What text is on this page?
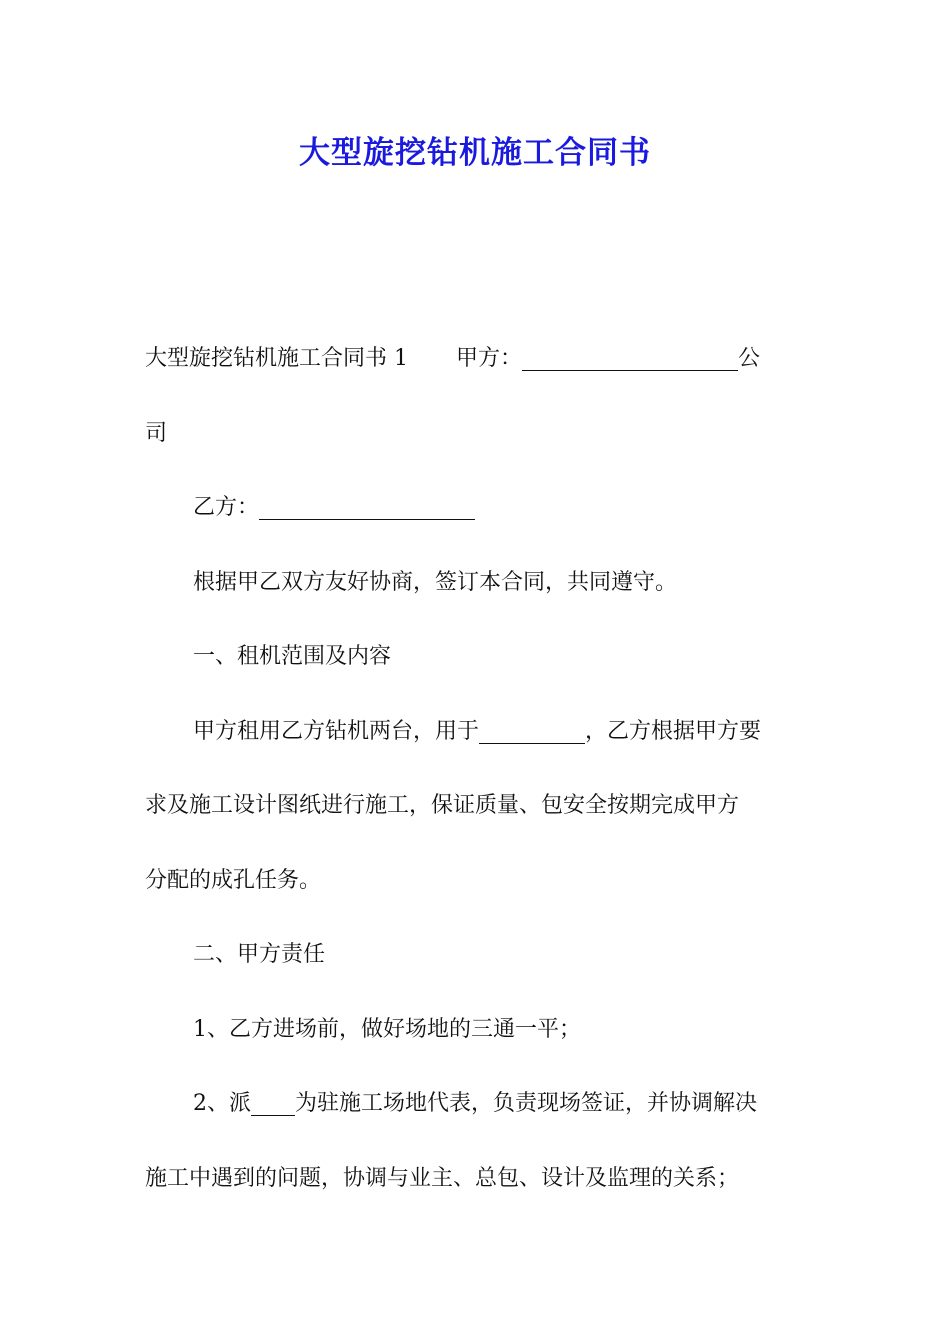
大型旋挖钻机施工合同书

大型旋挖钻机施工合同书 1 甲方：	公
司

乙方：

根据甲乙双方友好协商，签订本合同，共同遵守。

一、租机范围及内容

甲方租用乙方钻机两台，用于	，乙方根据甲方要

求及施工设计图纸进行施工，保证质量、包安全按期完成甲方
分配的成孔任务。

二、甲方责任

1、乙方进场前，做好场地的三通一平；

2、派 为驻施工场地代表，负责现场签证，并协调解决

施工中遇到的问题，协调与业主、总包、设计及监理的关系；
